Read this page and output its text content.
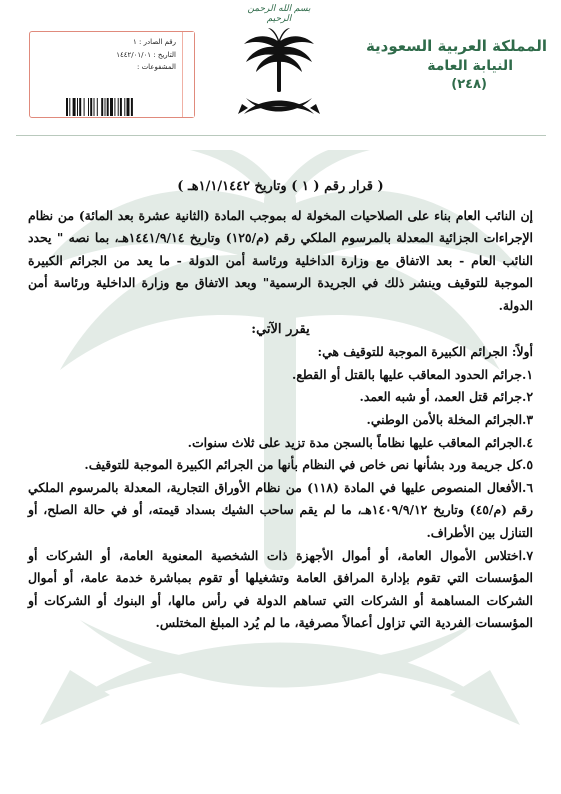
بسم الله الرحمن الرحيم
المملكة العربية السعودية
النيابة العامة
(٢٤٨)
رقم الصادر : ١
التاريخ : ١٤٤٢/٠١/٠١
المشفوعات :
( قرار رقم ( ١ ) وتاريخ ١/١/١٤٤٢هـ )

إن النائب العام بناء على الصلاحيات المخولة له بموجب المادة (الثانية عشرة بعد المائة) من نظام الإجراءات الجزائية المعدلة بالمرسوم الملكي رقم (م/١٢٥) وتاريخ ١٤٤١/٩/١٤هـ، بما نصه " يحدد النائب العام - بعد الاتفاق مع وزارة الداخلية ورئاسة أمن الدولة - ما يعد من الجرائم الكبيرة الموجبة للتوقيف وينشر ذلك في الجريدة الرسمية" وبعد الاتفاق مع وزارة الداخلية ورئاسة أمن الدولة.

يقرر الآتي:

أولاً: الجرائم الكبيرة الموجبة للتوقيف هي:

١.جرائم الحدود المعاقب عليها بالقتل أو القطع.

٢.جرائم قتل العمد، أو شبه العمد.

٣.الجرائم المخلة بالأمن الوطني.

٤.الجرائم المعاقب عليها نظاماً بالسجن مدة تزيد على ثلاث سنوات.

٥.كل جريمة ورد بشأنها نص خاص في النظام بأنها من الجرائم الكبيرة الموجبة للتوقيف.

٦.الأفعال المنصوص عليها في المادة (١١٨) من نظام الأوراق التجارية، المعدلة بالمرسوم الملكي رقم (م/٤٥) وتاريخ ١٤٠٩/٩/١٢هـ، ما لم يقم ساحب الشيك بسداد قيمته، أو في حالة الصلح، أو التنازل بين الأطراف.

٧.اختلاس الأموال العامة، أو أموال الأجهزة ذات الشخصية المعنوية العامة، أو الشركات أو المؤسسات التي تقوم بإدارة المرافق العامة وتشغيلها أو تقوم بمباشرة خدمة عامة، أو أموال الشركات المساهمة أو الشركات التي تساهم الدولة في رأس مالها، أو البنوك أو الشركات أو المؤسسات الفردية التي تزاول أعمالاً مصرفية، ما لم يُرد المبلغ المختلس.
